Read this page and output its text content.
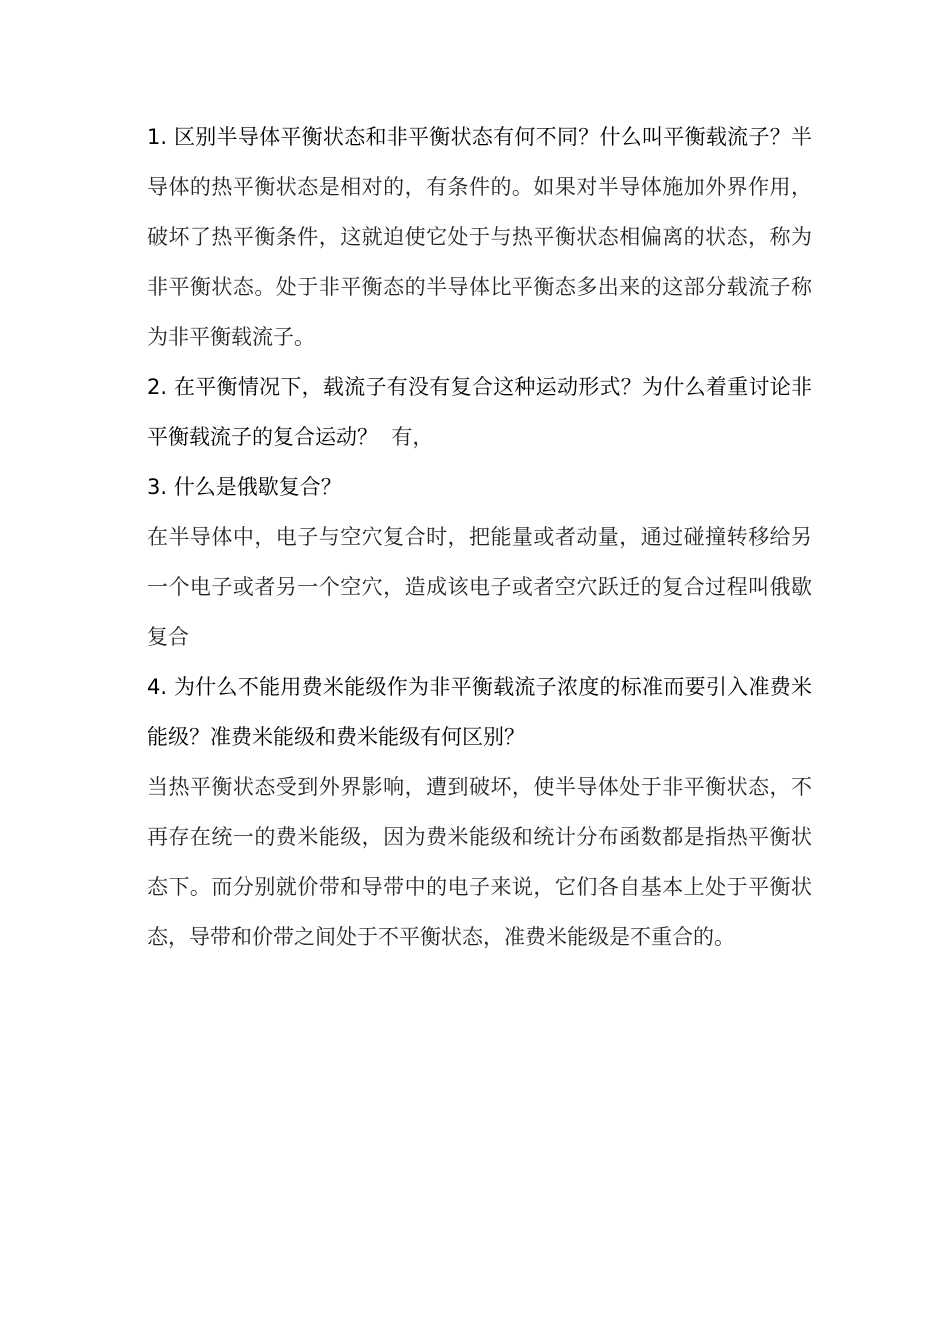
1. 区别半导体平衡状态和非平衡状态有何不同？什么叫平衡载流子？半导体的热平衡状态是相对的，有条件的。如果对半导体施加外界作用，破坏了热平衡条件，这就迫使它处于与热平衡状态相偏离的状态，称为非平衡状态。处于非平衡态的半导体比平衡态多出来的这部分载流子称为非平衡载流子。

2. 在平衡情况下，载流子有没有复合这种运动形式？为什么着重讨论非平衡载流子的复合运动？ 有，

3. 什么是俄歇复合？

在半导体中，电子与空穴复合时，把能量或者动量，通过碰撞转移给另一个电子或者另一个空穴，造成该电子或者空穴跃迁的复合过程叫俄歇复合

4. 为什么不能用费米能级作为非平衡载流子浓度的标准而要引入准费米能级？准费米能级和费米能级有何区别？

当热平衡状态受到外界影响，遭到破坏，使半导体处于非平衡状态，不再存在统一的费米能级，因为费米能级和统计分布函数都是指热平衡状态下。而分别就价带和导带中的电子来说，它们各自基本上处于平衡状态，导带和价带之间处于不平衡状态，准费米能级是不重合的。
